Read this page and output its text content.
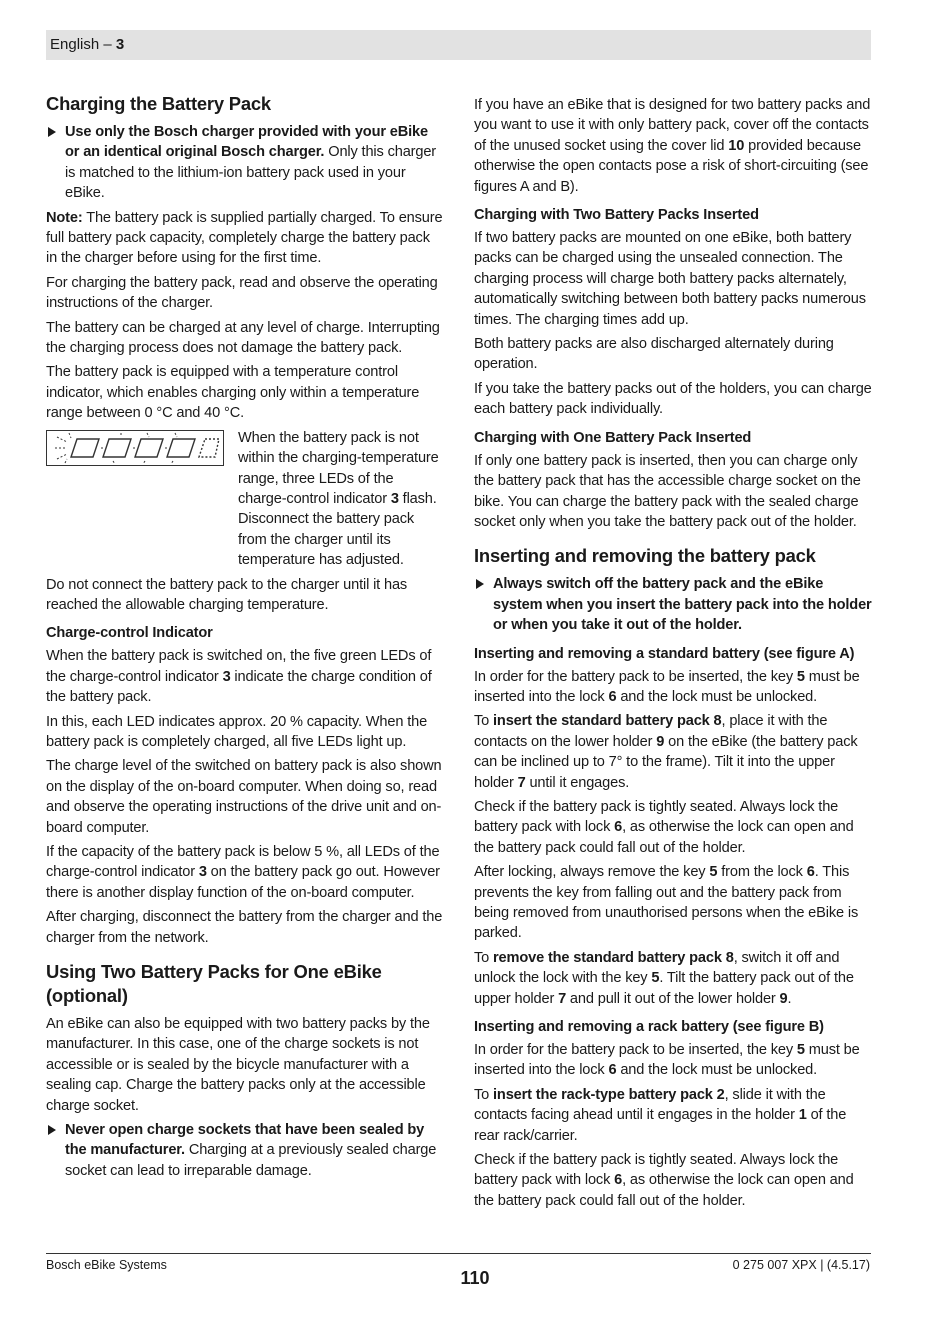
English – 3
Charging the Battery Pack
Use only the Bosch charger provided with your eBike or an identical original Bosch charger. Only this charger is matched to the lithium-ion battery pack used in your eBike.

Note: The battery pack is supplied partially charged. To ensure full battery pack capacity, completely charge the battery pack in the charger before using for the first time.

For charging the battery pack, read and observe the operating instructions of the charger.

The battery can be charged at any level of charge. Interrupting the charging process does not damage the battery pack.

The battery pack is equipped with a temperature control indicator, which enables charging only within a temperature range between 0 °C and 40 °C.

When the battery pack is not within the charging-temperature range, three LEDs of the charge-control indicator 3 flash. Disconnect the battery pack from the charger until its temperature has adjusted.

Do not connect the battery pack to the charger until it has reached the allowable charging temperature.

Charge-control Indicator

When the battery pack is switched on, the five green LEDs of the charge-control indicator 3 indicate the charge condition of the battery pack.

In this, each LED indicates approx. 20 % capacity. When the battery pack is completely charged, all five LEDs light up.

The charge level of the switched on battery pack is also shown on the display of the on-board computer. When doing so, read and observe the operating instructions of the drive unit and on-board computer.

If the capacity of the battery pack is below 5 %, all LEDs of the charge-control indicator 3 on the battery pack go out. However there is another display function of the on-board computer.

After charging, disconnect the battery from the charger and the charger from the network.

Using Two Battery Packs for One eBike (optional)

An eBike can also be equipped with two battery packs by the manufacturer. In this case, one of the charge sockets is not accessible or is sealed by the bicycle manufacturer with a sealing cap. Charge the battery packs only at the accessible charge socket.

Never open charge sockets that have been sealed by the manufacturer. Charging at a previously sealed charge socket can lead to irreparable damage.

If you have an eBike that is designed for two battery packs and you want to use it with only battery pack, cover off the contacts of the unused socket using the cover lid 10 provided because otherwise the open contacts pose a risk of short-circuiting (see figures A and B).

Charging with Two Battery Packs Inserted

If two battery packs are mounted on one eBike, both battery packs can be charged using the unsealed connection. The charging process will charge both battery packs alternately, automatically switching between both battery packs numerous times. The charging times add up.

Both battery packs are also discharged alternately during operation.

If you take the battery packs out of the holders, you can charge each battery pack individually.

Charging with One Battery Pack Inserted

If only one battery pack is inserted, then you can charge only the battery pack that has the accessible charge socket on the bike. You can charge the battery pack with the sealed charge socket only when you take the battery pack out of the holder.

Inserting and removing the battery pack
Always switch off the battery pack and the eBike system when you insert the battery pack into the holder or when you take it out of the holder.
Inserting and removing a standard battery (see figure A)

In order for the battery pack to be inserted, the key 5 must be inserted into the lock 6 and the lock must be unlocked.

To insert the standard battery pack 8, place it with the contacts on the lower holder 9 on the eBike (the battery pack can be inclined up to 7° to the frame). Tilt it into the upper holder 7 until it engages.

Check if the battery pack is tightly seated. Always lock the battery pack with lock 6, as otherwise the lock can open and the battery pack could fall out of the holder.

After locking, always remove the key 5 from the lock 6. This prevents the key from falling out and the battery pack from being removed from unauthorised persons when the eBike is parked.

To remove the standard battery pack 8, switch it off and unlock the lock with the key 5. Tilt the battery pack out of the upper holder 7 and pull it out of the lower holder 9.

Inserting and removing a rack battery (see figure B)

In order for the battery pack to be inserted, the key 5 must be inserted into the lock 6 and the lock must be unlocked.

To insert the rack-type battery pack 2, slide it with the contacts facing ahead until it engages in the holder 1 of the rear rack/carrier.

Check if the battery pack is tightly seated. Always lock the battery pack with lock 6, as otherwise the lock can open and the battery pack could fall out of the holder.

Bosch eBike Systems	0 275 007 XPX | (4.5.17)
110
